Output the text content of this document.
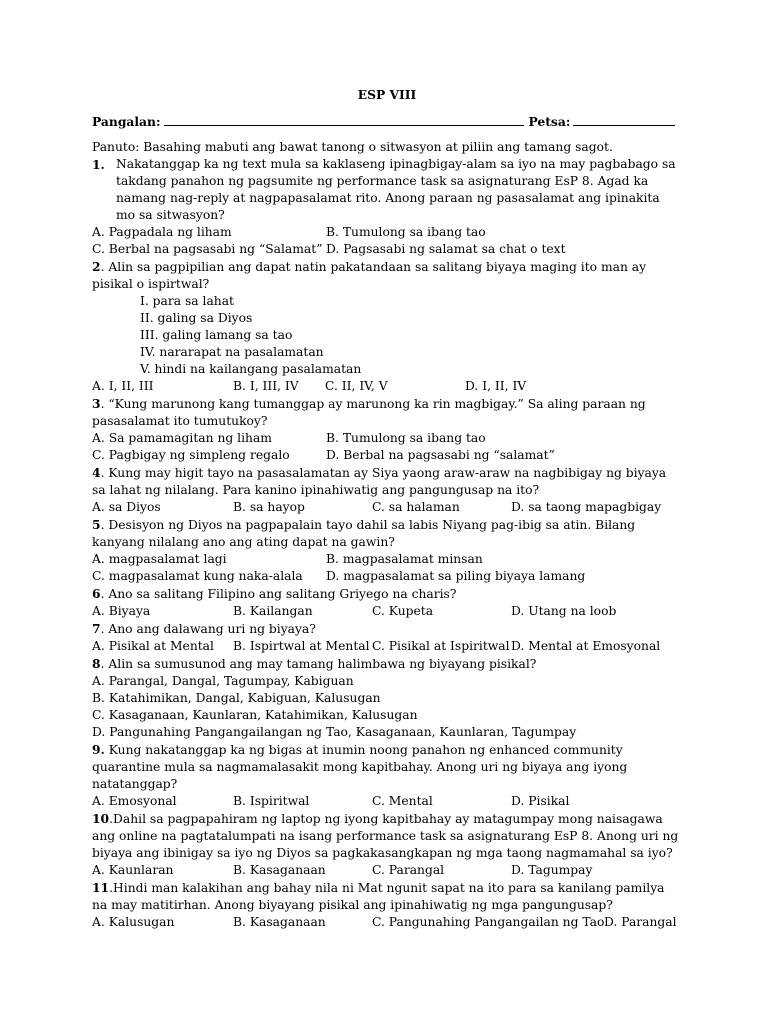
ESP VIII
Pangalan:	Petsa:
Panuto: Basahing mabuti ang bawat tanong o sitwasyon at piliin ang tamang sagot.
1. Nakatanggap ka ng text mula sa kaklaseng ipinagbigay-alam sa iyo na may pagbabago sa takdang panahon ng pagsumite ng performance task sa asignaturang EsP 8. Agad ka namang nag-reply at nagpapasalamat rito. Anong paraan ng pasasalamat ang ipinakita mo sa sitwasyon?
A. Pagpadala ng liham	B. Tumulong sa ibang tao
C. Berbal na pagsasabi ng “Salamat” D. Pagsasabi ng salamat sa chat o text
2. Alin sa pagpipilian ang dapat natin pakatandaan sa salitang biyaya maging ito man ay pisikal o ispirtwal?
I. para sa lahat
II. galing sa Diyos
III. galing lamang sa tao
IV. nararapat na pasalamatan
V. hindi na kailangang pasalamatan
A. I, II, III	B. I, III, IV	C. II, IV, V	D. I, II, IV
3. “Kung marunong kang tumanggap ay marunong ka rin magbigay.” Sa aling paraan ng pasasalamat ito tumutukoy?
A. Sa pamamagitan ng liham	B. Tumulong sa ibang tao
C. Pagbigay ng simpleng regalo	D. Berbal na pagsasabi ng “salamat”
4. Kung may higit tayo na pasasalamatan ay Siya yaong araw-araw na nagbibigay ng biyaya sa lahat ng nilalang. Para kanino ipinahiwatig ang pangungusap na ito?
A. sa Diyos	B. sa hayop	C. sa halaman	D. sa taong mapagbigay
5. Desisyon ng Diyos na pagpapalain tayo dahil sa labis Niyang pag-ibig sa atin. Bilang kanyang nilalang ano ang ating dapat na gawin?
A. magpasalamat lagi	B. magpasalamat minsan
C. magpasalamat kung naka-alala	D. magpasalamat sa piling biyaya lamang
6. Ano sa salitang Filipino ang salitang Griyego na charis?
A. Biyaya	B. Kailangan	C. Kupeta	D. Utang na loob
7. Ano ang dalawang uri ng biyaya?
A. Pisikal at Mental	B. Ispirtwal at Mental C. Pisikal at Ispiritwal D. Mental at Emosyonal
8. Alin sa sumusunod ang may tamang halimbawa ng biyayang pisikal?
A. Parangal, Dangal, Tagumpay, Kabiguan
B. Katahimikan, Dangal, Kabiguan, Kalusugan
C. Kasaganaan, Kaunlaran, Katahimikan, Kalusugan
D. Pangunahing Pangangailangan ng Tao, Kasaganaan, Kaunlaran, Tagumpay
9. Kung nakatanggap ka ng bigas at inumin noong panahon ng enhanced community quarantine mula sa nagmamalasakit mong kapitbahay. Anong uri ng biyaya ang iyong natatanggap?
A. Emosyonal	B. Ispiritwal	C. Mental	D. Pisikal
10.Dahil sa pagpapahiram ng laptop ng iyong kapitbahay ay matagumpay mong naisagawa ang online na pagtatalumpati na isang performance task sa asignaturang EsP 8. Anong uri ng biyaya ang ibinigay sa iyo ng Diyos sa pagkakasangkapan ng mga taong nagmamahal sa iyo?
A. Kaunlaran	B. Kasaganaan	C. Parangal	D. Tagumpay
11.Hindi man kalakihan ang bahay nila ni Mat ngunit sapat na ito para sa kanilang pamilya na may matitirhan. Anong biyayang pisikal ang ipinahiwatig ng mga pangungusap?
A. Kalusugan	B. Kasaganaan	C. Pangunahing Pangangailan ng Tao D. Parangal
